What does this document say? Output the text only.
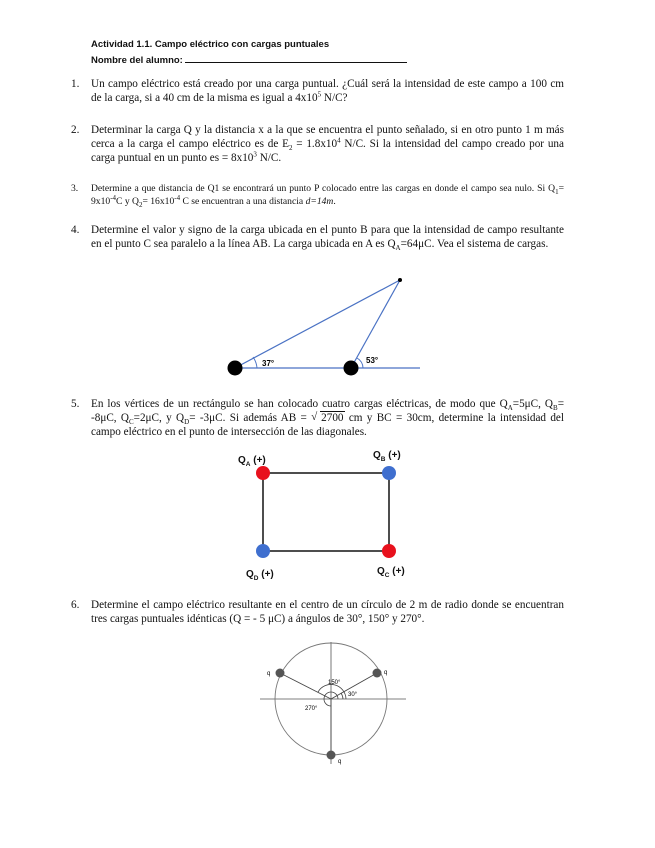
Actividad 1.1. Campo eléctrico con cargas puntuales
Nombre del alumno:
1.	Un campo eléctrico está creado por una carga puntual. ¿Cuál será la intensidad de este campo a 100 cm de la carga, si a 40 cm de la misma es igual a $4x10^5$ N/C?
2.	Determinar la carga Q y la distancia x a la que se encuentra el punto señalado, si en otro punto 1 m más cerca a la carga el campo eléctrico es de $E_2 = 1.8x10^4$ N/C. Si la intensidad del campo creado por una carga puntual en un punto es = $8x10^3$ N/C.
3.	Determine a que distancia de Q1 se encontrará un punto P colocado entre las cargas en donde el campo sea nulo. Si $Q_1= 9x10^{-4}C$ y $Q_2= 16x10^{-4}$ C se encuentran a una distancia d=14m.
4.	Determine el valor y signo de la carga ubicada en el punto B para que la intensidad de campo resultante en el punto C sea paralelo a la línea AB. La carga ubicada en A es $Q_A=64\mu C$. Vea el sistema de cargas.
37°	53°
5.	En los vértices de un rectángulo se han colocado cuatro cargas eléctricas, de modo que $Q_A=5\mu C$, $Q_B= -8\mu C$, $Q_C=2\mu C$, y $Q_D= -3\mu C$. Si además AB = √ 2700 cm y BC = 30cm, determine la intensidad del campo eléctrico en el punto de intersección de las diagonales.
$Q_A$ (+)	$Q_B$ (+)
$Q_C$ (+)
$Q_D$ (+)
6.	Determine el campo eléctrico resultante en el centro de un círculo de 2 m de radio donde se encuentran tres cargas puntuales idénticas (Q = - 5 μC) a ángulos de 30°, 150° y 270°.
150°
30°
270°
q	q
q
